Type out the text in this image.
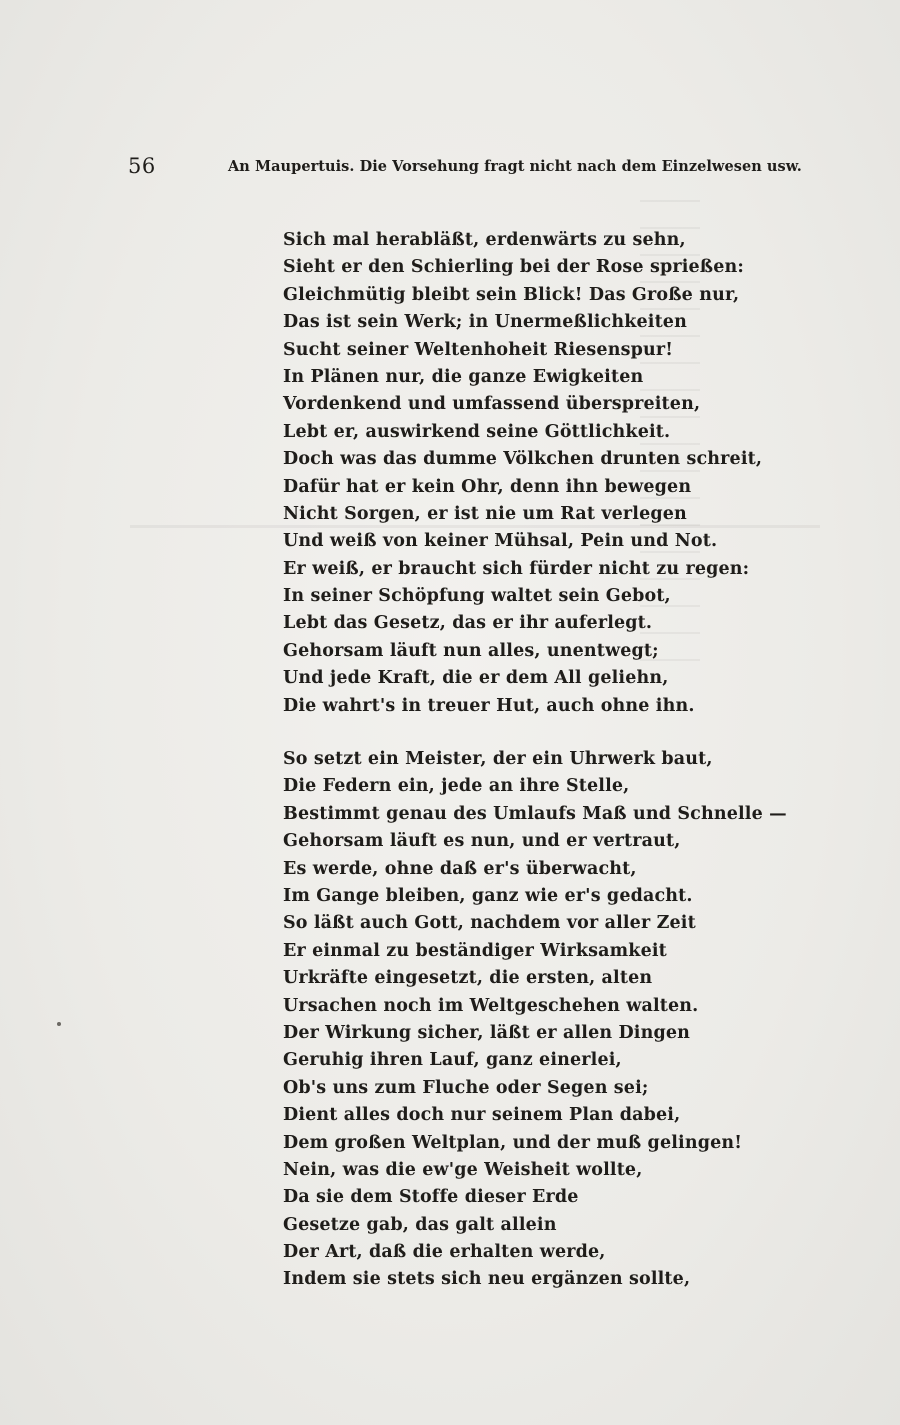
56	An Maupertuis. Die Vorsehung fragt nicht nach dem Einzelwesen usw.
Sich mal herabläßt, erdenwärts zu sehn,
Sieht er den Schierling bei der Rose sprießen:
Gleichmütig bleibt sein Blick! Das Große nur,
Das ist sein Werk; in Unermeßlichkeiten
Sucht seiner Weltenhoheit Riesenspur!
In Plänen nur, die ganze Ewigkeiten
Vordenkend und umfassend überspreiten,
Lebt er, auswirkend seine Göttlichkeit.
Doch was das dumme Völkchen drunten schreit,
Dafür hat er kein Ohr, denn ihn bewegen
Nicht Sorgen, er ist nie um Rat verlegen
Und weiß von keiner Mühsal, Pein und Not.
Er weiß, er braucht sich fürder nicht zu regen:
In seiner Schöpfung waltet sein Gebot,
Lebt das Gesetz, das er ihr auferlegt.
Gehorsam läuft nun alles, unentwegt;
Und jede Kraft, die er dem All geliehn,
Die wahrt's in treuer Hut, auch ohne ihn.
So setzt ein Meister, der ein Uhrwerk baut,
Die Federn ein, jede an ihre Stelle,
Bestimmt genau des Umlaufs Maß und Schnelle —
Gehorsam läuft es nun, und er vertraut,
Es werde, ohne daß er's überwacht,
Im Gange bleiben, ganz wie er's gedacht.
So läßt auch Gott, nachdem vor aller Zeit
Er einmal zu beständiger Wirksamkeit
Urkräfte eingesetzt, die ersten, alten
Ursachen noch im Weltgeschehen walten.
Der Wirkung sicher, läßt er allen Dingen
Geruhig ihren Lauf, ganz einerlei,
Ob's uns zum Fluche oder Segen sei;
Dient alles doch nur seinem Plan dabei,
Dem großen Weltplan, und der muß gelingen!
Nein, was die ew'ge Weisheit wollte,
Da sie dem Stoffe dieser Erde
Gesetze gab, das galt allein
Der Art, daß die erhalten werde,
Indem sie stets sich neu ergänzen sollte,
